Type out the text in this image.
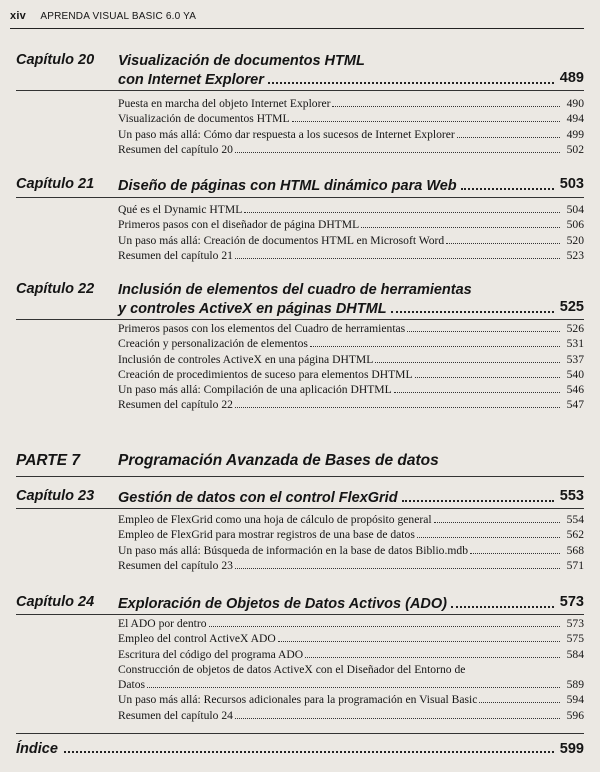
xiv APRENDA VISUAL BASIC 6.0 YA
Capítulo 20 Visualización de documentos HTML
con Internet Explorer	489
Puesta en marcha del objeto Internet Explorer	490
Visualización de documentos HTML	494
Un paso más allá: Cómo dar respuesta a los sucesos de Internet Explorer	499
Resumen del capítulo 20	502
Capítulo 21 Diseño de páginas con HTML dinámico para Web	503
Qué es el Dynamic HTML	504
Primeros pasos con el diseñador de página DHTML	506
Un paso más allá: Creación de documentos HTML en Microsoft Word	520
Resumen del capítulo 21	523
Capítulo 22 Inclusión de elementos del cuadro de herramientas
y controles ActiveX en páginas DHTML	525
Primeros pasos con los elementos del Cuadro de herramientas	526
Creación y personalización de elementos	531
Inclusión de controles ActiveX en una página DHTML	537
Creación de procedimientos de suceso para elementos DHTML	540
Un paso más allá: Compilación de una aplicación DHTML	546
Resumen del capítulo 22	547
PARTE 7 Programación Avanzada de Bases de datos
Capítulo 23 Gestión de datos con el control FlexGrid	553
Empleo de FlexGrid como una hoja de cálculo de propósito general	554
Empleo de FlexGrid para mostrar registros de una base de datos	562
Un paso más allá: Búsqueda de información en la base de datos Biblio.mdb	568
Resumen del capítulo 23	571
Capítulo 24 Exploración de Objetos de Datos Activos (ADO)	573
El ADO por dentro	573
Empleo del control ActiveX ADO	575
Escritura del código del programa ADO	584
Construcción de objetos de datos ActiveX con el Diseñador del Entorno de
Datos	589
Un paso más allá: Recursos adicionales para la programación en Visual Basic	594
Resumen del capítulo 24	596
Índice	599
